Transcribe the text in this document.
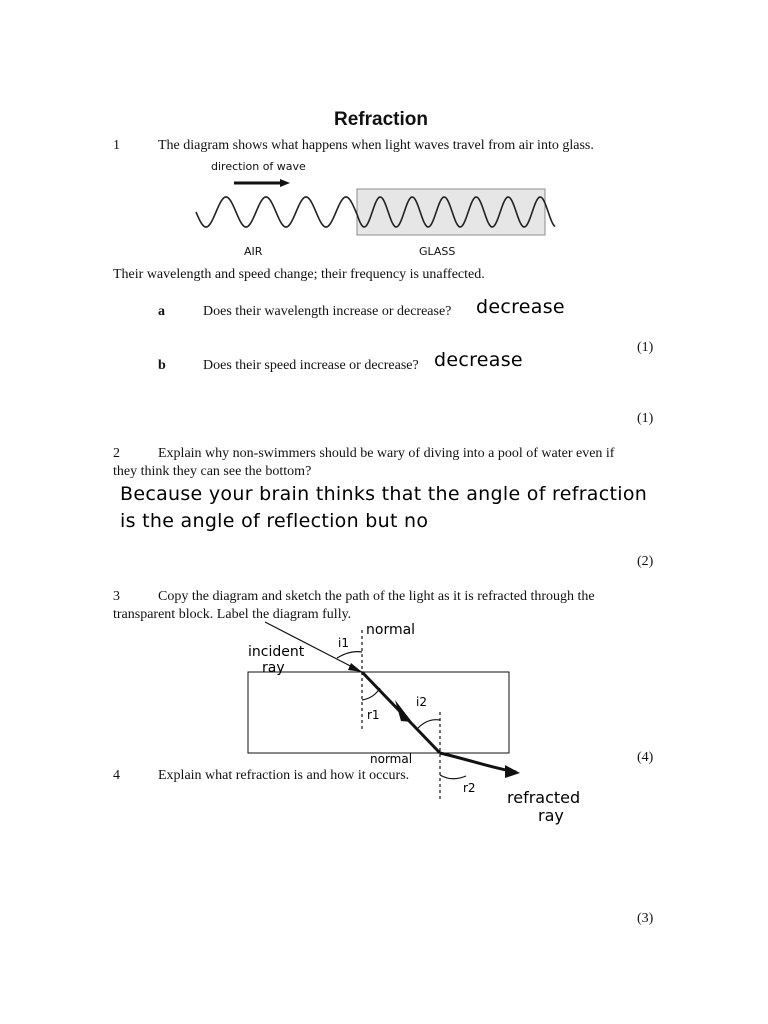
Refraction
1	The diagram shows what happens when light waves travel from air into glass.
direction of wave
AIR	GLASS
Their wavelength and speed change; their frequency is unaffected.
a	Does their wavelength increase or decrease? decrease
(1)
b	Does their speed increase or decrease? decrease
(1)
2	Explain why non-swimmers should be wary of diving into a pool of water even if
they think they can see the bottom?
Because your brain thinks that the angle of refraction
is the angle of reflection but no
(2)
3	Copy the diagram and sketch the path of the light as it is refracted through the
transparent block. Label the diagram fully.
normal
incident
ray
i1
r1
i2
normal
r2 refracted
ray
(4)
4	Explain what refraction is and how it occurs.
(3)
